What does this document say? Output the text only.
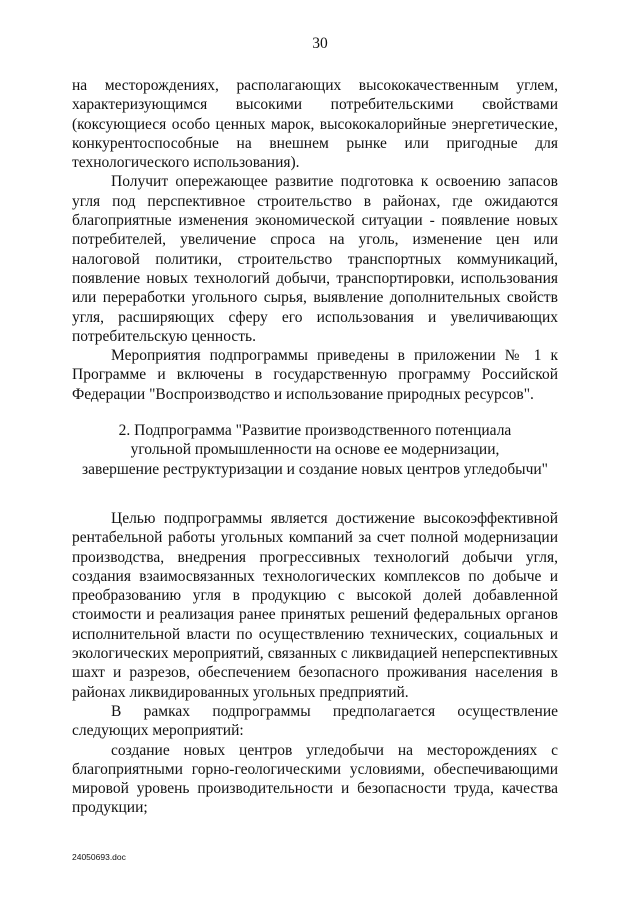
30

на месторождениях, располагающих высококачественным углем, характеризующимся высокими потребительскими свойствами (коксующиеся особо ценных марок, высококалорийные энергетические, конкурентоспособные на внешнем рынке или пригодные для технологического использования).

Получит опережающее развитие подготовка к освоению запасов угля под перспективное строительство в районах, где ожидаются благоприятные изменения экономической ситуации - появление новых потребителей, увеличение спроса на уголь, изменение цен или налоговой политики, строительство транспортных коммуникаций, появление новых технологий добычи, транспортировки, использования или переработки угольного сырья, выявление дополнительных свойств угля, расширяющих сферу его использования и увеличивающих потребительскую ценность.

Мероприятия подпрограммы приведены в приложении № 1 к Программе и включены в государственную программу Российской Федерации "Воспроизводство и использование природных ресурсов".

2. Подпрограмма "Развитие производственного потенциала
угольной промышленности на основе ее модернизации,
завершение реструктуризации и создание новых центров угледобычи"

Целью подпрограммы является достижение высокоэффективной рентабельной работы угольных компаний за счет полной модернизации производства, внедрения прогрессивных технологий добычи угля, создания взаимосвязанных технологических комплексов по добыче и преобразованию угля в продукцию с высокой долей добавленной стоимости и реализация ранее принятых решений федеральных органов исполнительной власти по осуществлению технических, социальных и экологических мероприятий, связанных с ликвидацией неперспективных шахт и разрезов, обеспечением безопасного проживания населения в районах ликвидированных угольных предприятий.

В рамках подпрограммы предполагается осуществление следующих мероприятий:

создание новых центров угледобычи на месторождениях с благоприятными горно-геологическими условиями, обеспечивающими мировой уровень производительности и безопасности труда, качества продукции;

24050693.doc
